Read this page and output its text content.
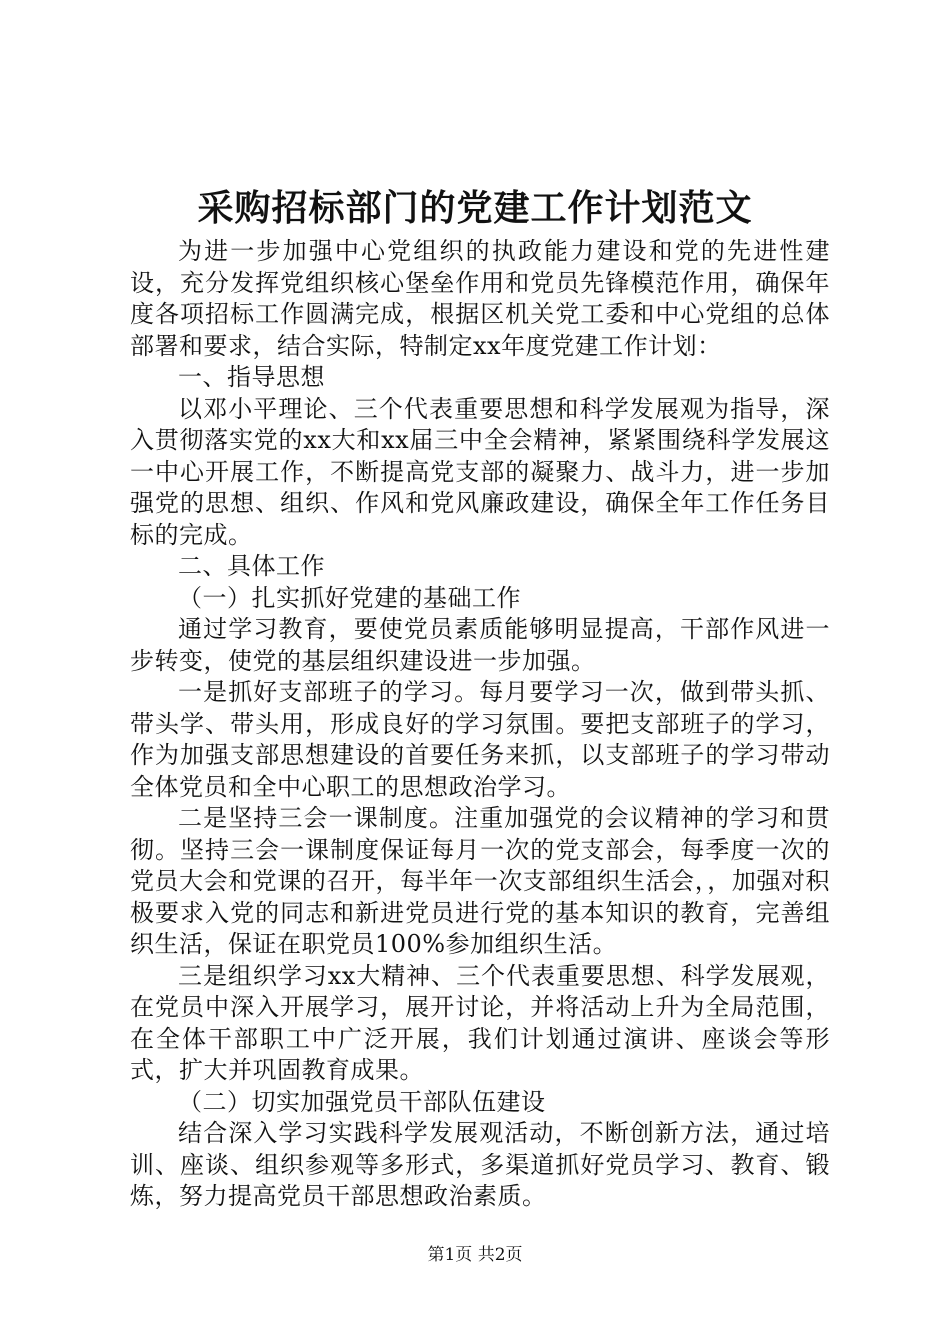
采购招标部门的党建工作计划范文

为进一步加强中心党组织的执政能力建设和党的先进性建设，充分发挥党组织核心堡垒作用和党员先锋模范作用，确保年度各项招标工作圆满完成，根据区机关党工委和中心党组的总体部署和要求，结合实际，特制定xx年度党建工作计划：

一、指导思想

以邓小平理论、三个代表重要思想和科学发展观为指导，深入贯彻落实党的xx大和xx届三中全会精神，紧紧围绕科学发展这一中心开展工作，不断提高党支部的凝聚力、战斗力，进一步加强党的思想、组织、作风和党风廉政建设，确保全年工作任务目标的完成。

二、具体工作

（一）扎实抓好党建的基础工作

通过学习教育，要使党员素质能够明显提高，干部作风进一步转变，使党的基层组织建设进一步加强。

一是抓好支部班子的学习。每月要学习一次，做到带头抓、带头学、带头用，形成良好的学习氛围。要把支部班子的学习，作为加强支部思想建设的首要任务来抓，以支部班子的学习带动全体党员和全中心职工的思想政治学习。

二是坚持三会一课制度。注重加强党的会议精神的学习和贯彻。坚持三会一课制度保证每月一次的党支部会，每季度一次的党员大会和党课的召开，每半年一次支部组织生活会，，加强对积极要求入党的同志和新进党员进行党的基本知识的教育，完善组织生活，保证在职党员100%参加组织生活。

三是组织学习xx大精神、三个代表重要思想、科学发展观，在党员中深入开展学习，展开讨论，并将活动上升为全局范围，在全体干部职工中广泛开展，我们计划通过演讲、座谈会等形式，扩大并巩固教育成果。

（二）切实加强党员干部队伍建设

结合深入学习实践科学发展观活动，不断创新方法，通过培训、座谈、组织参观等多形式，多渠道抓好党员学习、教育、锻炼，努力提高党员干部思想政治素质。

第1页 共2页
